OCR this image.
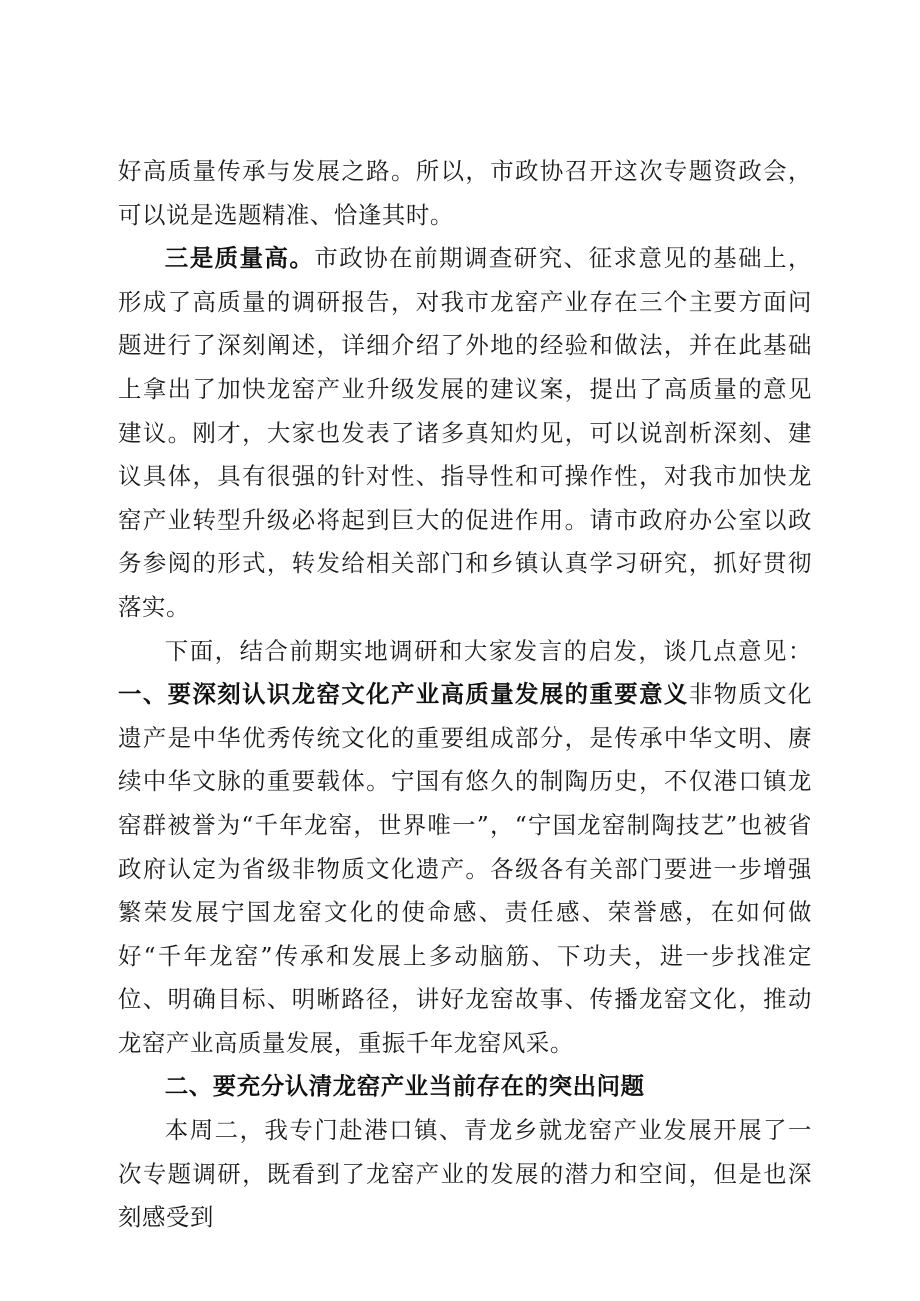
好高质量传承与发展之路。所以，市政协召开这次专题资政会，可以说是选题精准、恰逢其时。

三是质量高。市政协在前期调查研究、征求意见的基础上，形成了高质量的调研报告，对我市龙窑产业存在三个主要方面问题进行了深刻阐述，详细介绍了外地的经验和做法，并在此基础上拿出了加快龙窑产业升级发展的建议案，提出了高质量的意见建议。刚才，大家也发表了诸多真知灼见，可以说剖析深刻、建议具体，具有很强的针对性、指导性和可操作性，对我市加快龙窑产业转型升级必将起到巨大的促进作用。请市政府办公室以政务参阅的形式，转发给相关部门和乡镇认真学习研究，抓好贯彻落实。

下面，结合前期实地调研和大家发言的启发，谈几点意见：一、要深刻认识龙窑文化产业高质量发展的重要意义非物质文化遗产是中华优秀传统文化的重要组成部分，是传承中华文明、赓续中华文脉的重要载体。宁国有悠久的制陶历史，不仅港口镇龙窑群被誉为“千年龙窑，世界唯一”，“宁国龙窑制陶技艺”也被省政府认定为省级非物质文化遗产。各级各有关部门要进一步增强繁荣发展宁国龙窑文化的使命感、责任感、荣誉感，在如何做好“千年龙窑”传承和发展上多动脑筋、下功夫，进一步找准定位、明确目标、明晰路径，讲好龙窑故事、传播龙窑文化，推动龙窑产业高质量发展，重振千年龙窑风采。

二、要充分认清龙窑产业当前存在的突出问题

本周二，我专门赴港口镇、青龙乡就龙窑产业发展开展了一次专题调研，既看到了龙窑产业的发展的潜力和空间，但是也深刻感受到
